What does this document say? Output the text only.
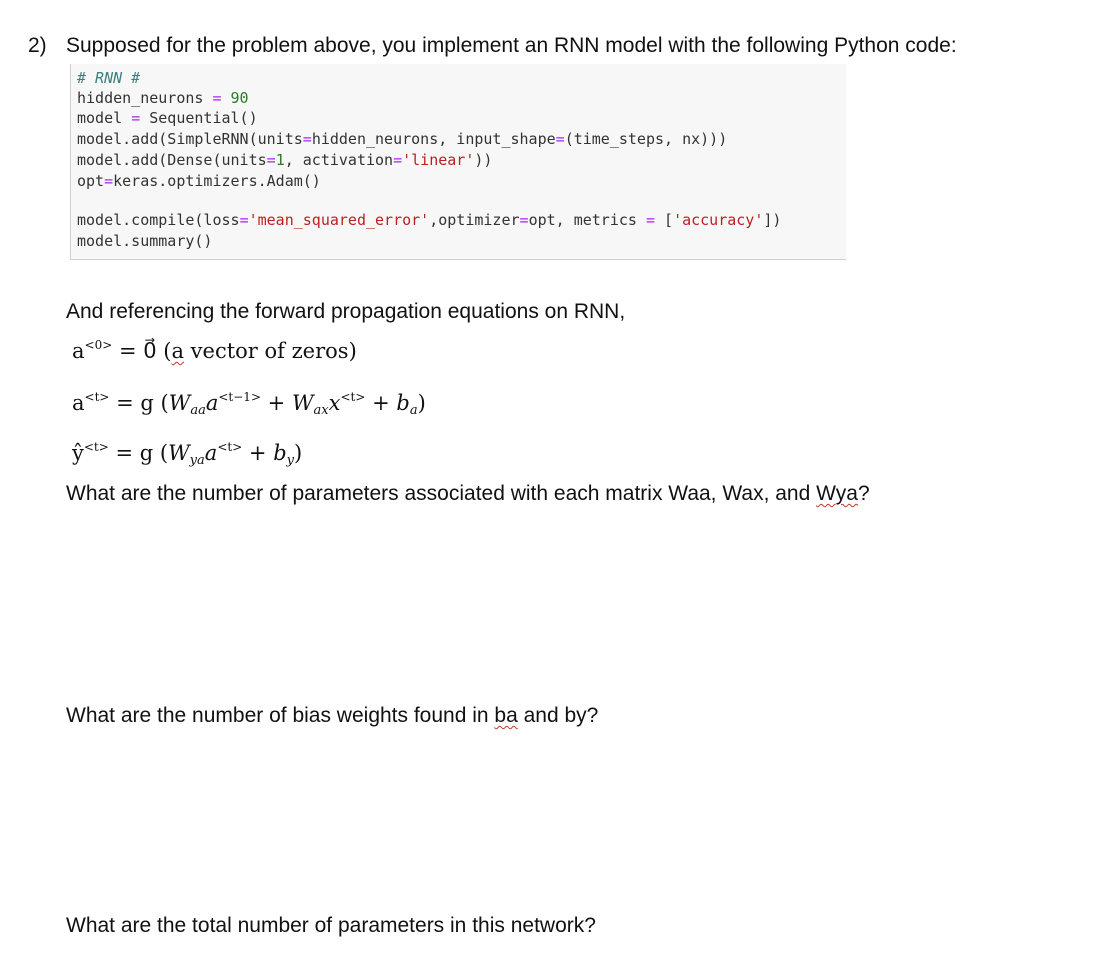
2) Supposed for the problem above, you implement an RNN model with the following Python code:
# RNN #
hidden_neurons = 90
model = Sequential()
model.add(SimpleRNN(units=hidden_neurons, input_shape=(time_steps, nx)))
model.add(Dense(units=1, activation='linear'))
opt=keras.optimizers.Adam()
model.compile(loss='mean_squared_error',optimizer=opt, metrics = ['accuracy'])
model.summary()
And referencing the forward propagation equations on RNN,
$a^{<0>}$ = 0⃗ (a vector of zeros)
$a^{<t>} = g$ $(W_{aa}a^{<t-1>} + W_{ax}x^{<t>} + b_a)$
$ŷ^{<t>} = g$ $(W_{ya}a^{<t>} + b_y)$
What are the number of parameters associated with each matrix Waa, Wax, and Wya?
What are the number of bias weights found in ba and by?
What are the total number of parameters in this network?
